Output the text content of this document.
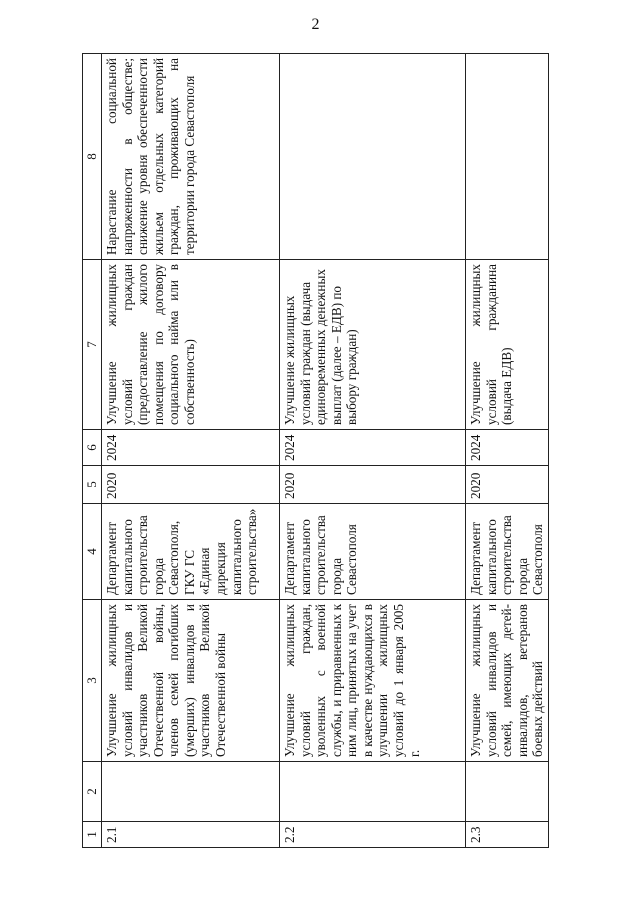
2
1	2	3	4	5	6	7	8
2.1		Улучшение жилищных условий инвалидов и участников Великой Отечественной войны, членов семей погибших (умерших) инвалидов и участников Великой Отечественной войны	Департамент капитального строительства города Севастополя, ГКУ ГС «Единая дирекция капитального строительства»	2020	2024	Улучшение жилищных условий граждан (предоставление жилого помещения по договору социального найма или в собственность)	Нарастание социальной напряженности в обществе; снижение уровня обеспеченности жильем отдельных категорий граждан, проживающих на территории города Севастополя
2.2		Улучшение жилищных условий граждан, уволенных с военной службы, и приравненных к ним лиц, принятых на учет в качестве нуждающихся в улучшении жилищных условий до 1 января 2005 г.	Департамент капитального строительства города Севастополя	2020	2024	Улучшение жилищных условий граждан (выдача единовременных денежных выплат (далее – ЕДВ) по выбору граждан)	
2.3		Улучшение жилищных условий инвалидов и семей, имеющих детей-инвалидов, ветеранов боевых действий	Департамент капитального строительства города Севастополя	2020	2024	Улучшение жилищных условий гражданина (выдача ЕДВ)	
